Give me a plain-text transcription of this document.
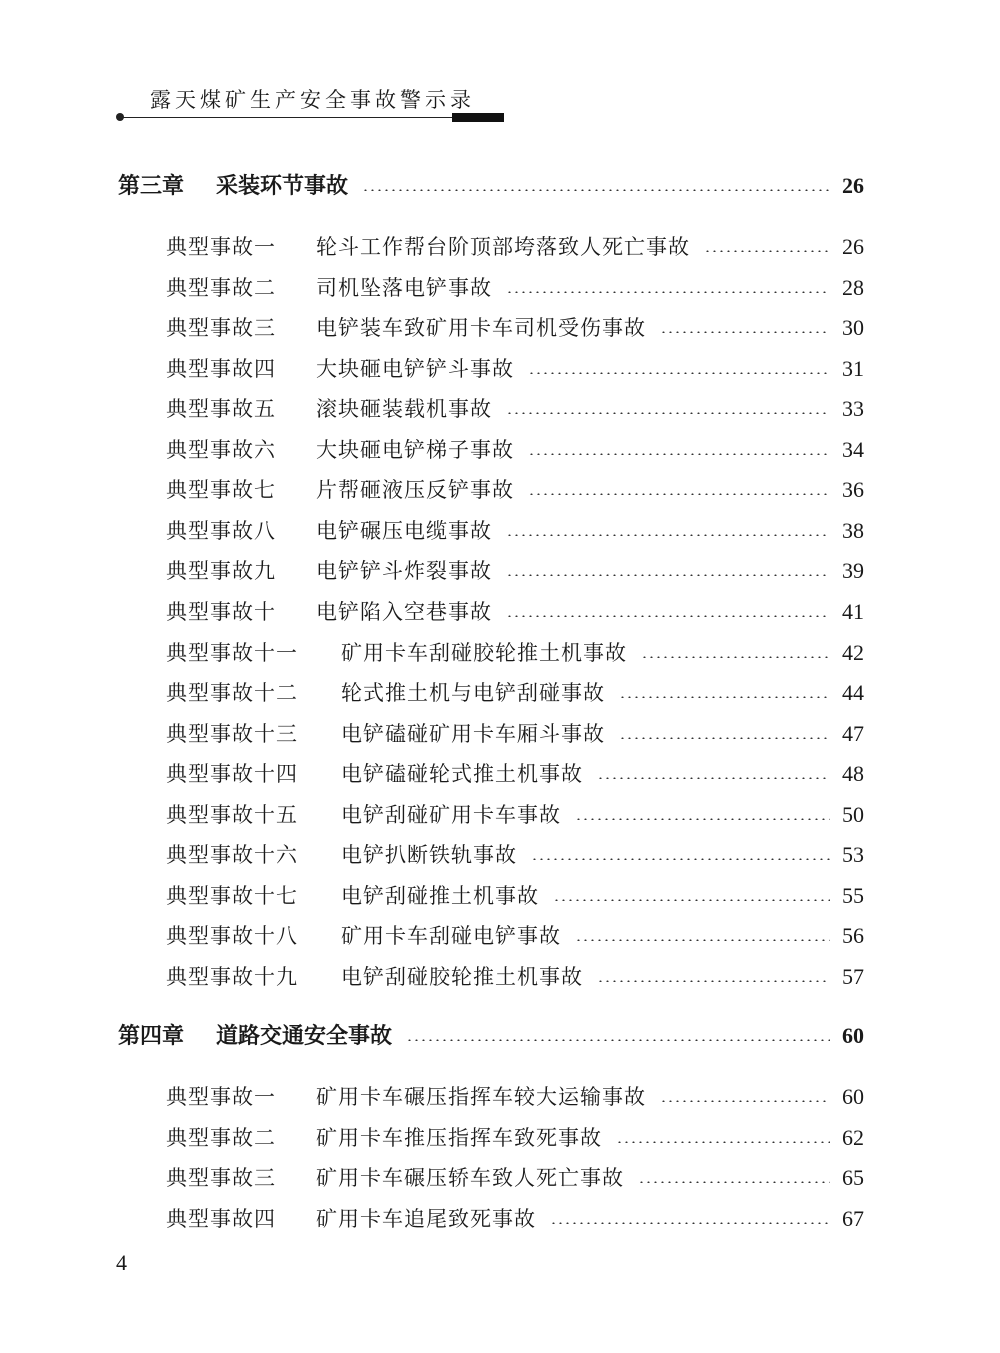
露天煤矿生产安全事故警示录
第三章	采装环节事故	26
典型事故一	轮斗工作帮台阶顶部垮落致人死亡事故	26
典型事故二	司机坠落电铲事故	28
典型事故三	电铲装车致矿用卡车司机受伤事故	30
典型事故四	大块砸电铲铲斗事故	31
典型事故五	滚块砸装载机事故	33
典型事故六	大块砸电铲梯子事故	34
典型事故七	片帮砸液压反铲事故	36
典型事故八	电铲碾压电缆事故	38
典型事故九	电铲铲斗炸裂事故	39
典型事故十	电铲陷入空巷事故	41
典型事故十一	矿用卡车刮碰胶轮推土机事故	42
典型事故十二	轮式推土机与电铲刮碰事故	44
典型事故十三	电铲磕碰矿用卡车厢斗事故	47
典型事故十四	电铲磕碰轮式推土机事故	48
典型事故十五	电铲刮碰矿用卡车事故	50
典型事故十六	电铲扒断铁轨事故	53
典型事故十七	电铲刮碰推土机事故	55
典型事故十八	矿用卡车刮碰电铲事故	56
典型事故十九	电铲刮碰胶轮推土机事故	57
第四章	道路交通安全事故	60
典型事故一	矿用卡车碾压指挥车较大运输事故	60
典型事故二	矿用卡车推压指挥车致死事故	62
典型事故三	矿用卡车碾压轿车致人死亡事故	65
典型事故四	矿用卡车追尾致死事故	67
4
